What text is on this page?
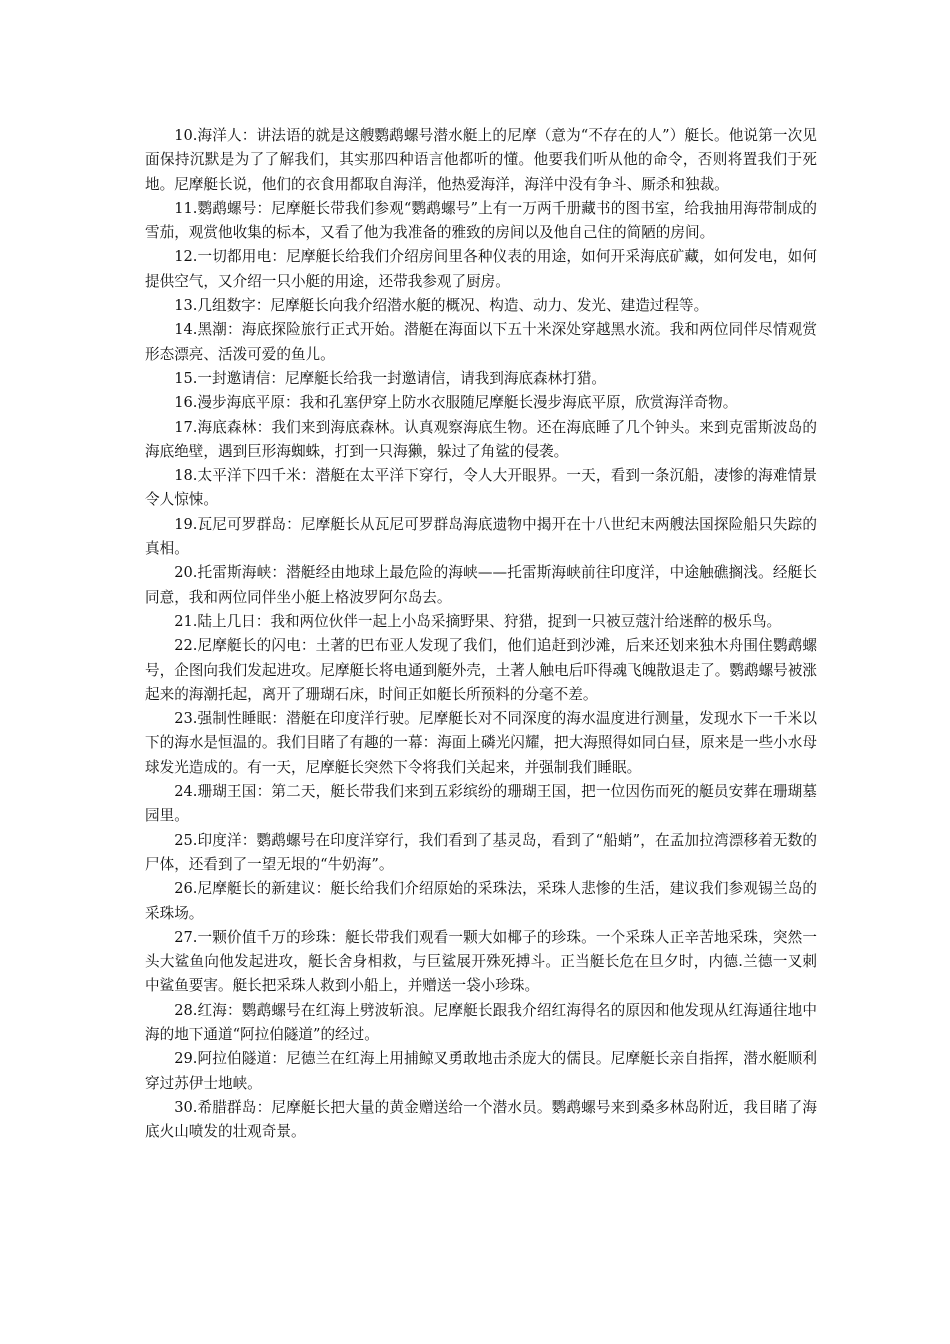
10.海洋人：讲法语的就是这艘鹦鹉螺号潜水艇上的尼摩（意为“不存在的人”）艇长。他说第一次见面保持沉默是为了了解我们，其实那四种语言他都听的懂。他要我们听从他的命令，否则将置我们于死地。尼摩艇长说，他们的衣食用都取自海洋，他热爱海洋，海洋中没有争斗、厮杀和独裁。

11.鹦鹉螺号：尼摩艇长带我们参观“鹦鹉螺号”上有一万两千册藏书的图书室，给我抽用海带制成的雪茄，观赏他收集的标本，又看了他为我准备的雅致的房间以及他自己住的简陋的房间。

12.一切都用电：尼摩艇长给我们介绍房间里各种仪表的用途，如何开采海底矿藏，如何发电，如何提供空气，又介绍一只小艇的用途，还带我参观了厨房。

13.几组数字：尼摩艇长向我介绍潜水艇的概况、构造、动力、发光、建造过程等。

14.黑潮：海底探险旅行正式开始。潜艇在海面以下五十米深处穿越黑水流。我和两位同伴尽情观赏形态漂亮、活泼可爱的鱼儿。

15.一封邀请信：尼摩艇长给我一封邀请信，请我到海底森林打猎。

16.漫步海底平原：我和孔塞伊穿上防水衣服随尼摩艇长漫步海底平原，欣赏海洋奇物。

17.海底森林：我们来到海底森林。认真观察海底生物。还在海底睡了几个钟头。来到克雷斯波岛的海底绝壁，遇到巨形海蜘蛛，打到一只海獭，躲过了角鲨的侵袭。

18.太平洋下四千米：潜艇在太平洋下穿行，令人大开眼界。一天，看到一条沉船，凄惨的海难情景令人惊悚。

19.瓦尼可罗群岛：尼摩艇长从瓦尼可罗群岛海底遗物中揭开在十八世纪末两艘法国探险船只失踪的真相。

20.托雷斯海峡：潜艇经由地球上最危险的海峡——托雷斯海峡前往印度洋，中途触礁搁浅。经艇长同意，我和两位同伴坐小艇上格波罗阿尔岛去。

21.陆上几日：我和两位伙伴一起上小岛采摘野果、狩猎，捉到一只被豆蔻汁给迷醉的极乐鸟。

22.尼摩艇长的闪电：土著的巴布亚人发现了我们，他们追赶到沙滩，后来还划来独木舟围住鹦鹉螺号，企图向我们发起进攻。尼摩艇长将电通到艇外壳，土著人触电后吓得魂飞魄散退走了。鹦鹉螺号被涨起来的海潮托起，离开了珊瑚石床，时间正如艇长所预料的分毫不差。

23.强制性睡眠：潜艇在印度洋行驶。尼摩艇长对不同深度的海水温度进行测量，发现水下一千米以下的海水是恒温的。我们目睹了有趣的一幕：海面上磷光闪耀，把大海照得如同白昼，原来是一些小水母球发光造成的。有一天，尼摩艇长突然下令将我们关起来，并强制我们睡眠。

24.珊瑚王国：第二天，艇长带我们来到五彩缤纷的珊瑚王国，把一位因伤而死的艇员安葬在珊瑚墓园里。

25.印度洋：鹦鹉螺号在印度洋穿行，我们看到了基灵岛，看到了“船蛸”，在孟加拉湾漂移着无数的尸体，还看到了一望无垠的“牛奶海”。

26.尼摩艇长的新建议：艇长给我们介绍原始的采珠法，采珠人悲惨的生活，建议我们参观锡兰岛的采珠场。

27.一颗价值千万的珍珠：艇长带我们观看一颗大如椰子的珍珠。一个采珠人正辛苦地采珠，突然一头大鲨鱼向他发起进攻，艇长舍身相救，与巨鲨展开殊死搏斗。正当艇长危在旦夕时，内德.兰德一叉刺中鲨鱼要害。艇长把采珠人救到小船上，并赠送一袋小珍珠。

28.红海：鹦鹉螺号在红海上劈波斩浪。尼摩艇长跟我介绍红海得名的原因和他发现从红海通往地中海的地下通道“阿拉伯隧道”的经过。

29.阿拉伯隧道：尼德兰在红海上用捕鲸叉勇敢地击杀庞大的儒艮。尼摩艇长亲自指挥，潜水艇顺利穿过苏伊士地峡。

30.希腊群岛：尼摩艇长把大量的黄金赠送给一个潜水员。鹦鹉螺号来到桑多林岛附近，我目睹了海底火山喷发的壮观奇景。
